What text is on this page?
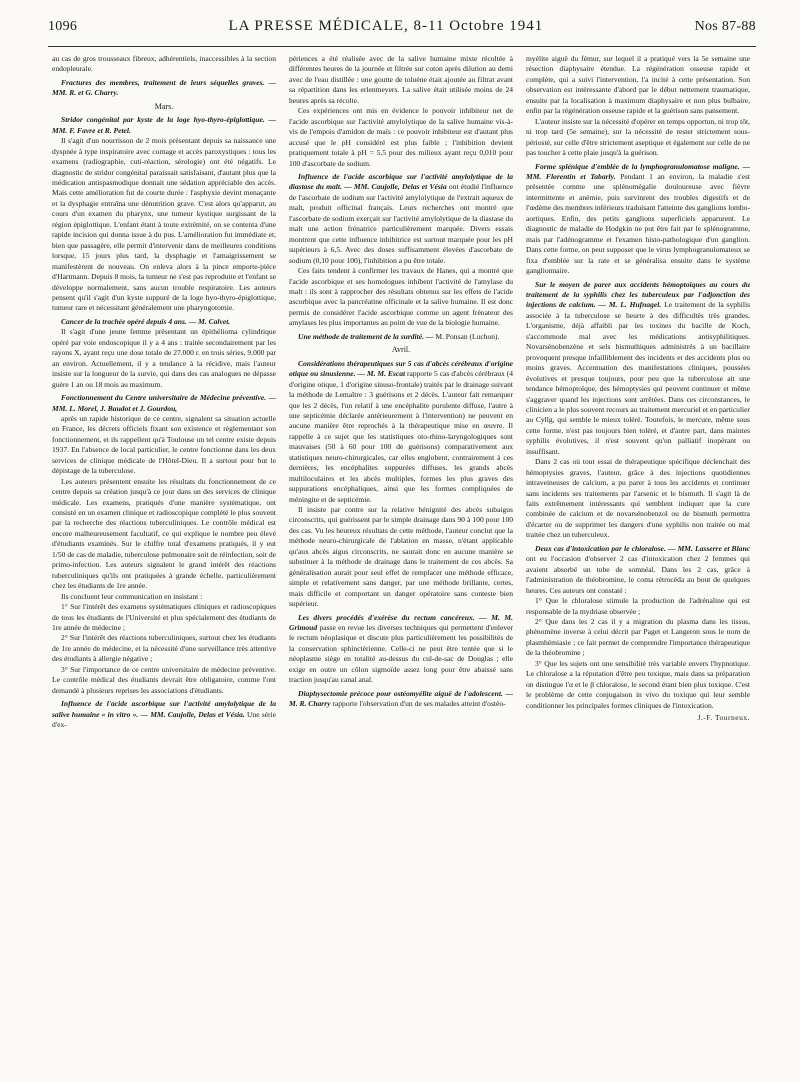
1096	LA PRESSE MÉDICALE, 8-11 Octobre 1941	Nos 87-88

au cas de gros trousseaux fibreux, adhérentiels, inaccessibles à la section endopleurale.

Fractures des membres, traitement de leurs séquelles graves. — MM. R. et G. Charry.

Mars.

Stridor congénital par kyste de la loge hyo-thyro-épiglottique. — MM. F. Favre et R. Petel.

Il s'agit d'un nourrisson de 2 mois présentant depuis sa naissance une dyspnée à type inspiratoire avec cornage et accès paroxystiques : tous les examens (radiographie, cuti-réaction, sérologie) ont été négatifs. Le diagnostic de stridor congénital paraissait satisfaisant, d'autant plus que la médication antispasmodique donnait une sédation appréciable des accès. Mais cette amélioration fut de courte durée : l'asphyxie devint menaçante et la dysphagie entraîna une dénutrition grave. C'est alors qu'apparut, au cours d'un examen du pharynx, une tumeur kystique surgissant de la région épiglottique. L'enfant étant à toute extrémité, on se contenta d'une rapide incision qui donna issue à du pus. L'amélioration fut immédiate et, bien que passagère, elle permit d'intervenir dans de meilleures conditions lorsque, 15 jours plus tard, la dysphagie et l'amaigrissement se manifestèrent de nouveau. On enleva alors à la pince emporte-pièce d'Hartmann. Depuis 8 mois, la tumeur ne s'est pas reproduite et l'enfant se développe normalement, sans aucun trouble respiratoire. Les auteurs pensent qu'il s'agit d'un kyste suppuré de la loge hyo-thyro-épiglottique, tumeur rare et nécessitant généralement une pharyngotomie.

Cancer de la trachée opéré depuis 4 ans. — M. Calvet.

Il s'agit d'une jeune femme présentant un épithélioma cylindrique opéré par voie endoscopique il y a 4 ans : traitée secondairement par les rayons X, ayant reçu une dose totale de 27.000 r. en trois séries, 9.000 par an environ. Actuellement, il y a tendance à la récidive, mais l'auteur insiste sur la longueur de la survie, qui dans des cas analogues ne dépasse guère 1 an ou 18 mois au maximum.

Fonctionnement du Centre universitaire de Médecine préventive. — MM. L. Morel, J. Baudot et J. Gourdou,

après un rapide historique de ce centre, signalent sa situation actuelle en France, les décrets officiels fixant son existence et réglementant son fonctionnement, et ils rappellent qu'à Toulouse un tel centre existe depuis 1937. En l'absence de local particulier, le centre fonctionne dans les deux services de clinique médicale de l'Hôtel-Dieu. Il a surtout pour but le dépistage de la tuberculose.

Les auteurs présentent ensuite les résultats du fonctionnement de ce centre depuis sa création jusqu'à ce jour dans un des services de clinique médicale. Les examens, pratiqués d'une manière systématique, ont consisté en un examen clinique et radioscopique complété le plus souvent par la recherche des réactions tuberculiniques. Le contrôle médical est encore malheureusement facultatif, ce qui explique le nombre peu élevé d'étudiants examinés. Sur le chiffre total d'examens pratiqués, il y eut 1/50 de cas de maladie, tuberculose pulmonaire soit de réinfection, soit de primo-infection. Les auteurs signalent le grand intérêt des réactions tuberculiniques qu'ils ont pratiquées à grande échelle, particulièrement chez les étudiants de 1re année.

Ils concluent leur communication en insistant :

1° Sur l'intérêt des examens systématiques cliniques et radioscopiques de tous les étudiants de l'Université et plus spécialement des étudiants de 1re année de médecine ;

2° Sur l'intérêt des réactions tuberculiniques, surtout chez les étudiants de 1re année de médecine, et la nécessité d'une surveillance très attentive des étudiants à allergie négative ;

3° Sur l'importance de ce centre universitaire de médecine préventive. Le contrôle médical des étudiants devrait être obligatoire, comme l'ont demandé à plusieurs reprises les associations d'étudiants.

Influence de l'acide ascorbique sur l'activité amylolytique de la salive humaine « in vitro ». — MM. Caujolle, Delas et Vésia. Une série d'ex-

périences a été réalisée avec de la salive humaine mixte récoltée à différentes heures de la journée et filtrée sur coton après dilution au demi avec de l'eau distillée : une goutte de toluène était ajoutée au filtrat avant sa répartition dans les erlenmeyers. La salive était utilisée moins de 24 heures après sa récolte.

Ces expériences ont mis en évidence le pouvoir inhibiteur net de l'acide ascorbique sur l'activité amylolytique de la salive humaine vis-à-vis de l'empois d'amidon de maïs : ce pouvoir inhibiteur est d'autant plus accusé que le pH considéré est plus faible ; l'inhibition devient pratiquement totale à pH = 5,5 pour des milieux ayant reçu 0,010 pour 100 d'ascorbate de sodium.

Influence de l'acide ascorbique sur l'activité amylolytique de la diastase du malt. — MM. Caujolle, Delas et Vésia ont étudié l'influence de l'ascorbate de sodium sur l'activité amylolytique de l'extrait aqueux de malt, produit officinal français. Leurs recherches ont montré que l'ascorbate de sodium exerçait sur l'activité amylolytique de la diastase du malt une action frénatrice particulièrement marquée. Divers essais montrent que cette influence inhibitrice est surtout marquée pour les pH supérieurs à 6,5. Avec des doses suffisamment élevées d'ascorbate de sodium (0,10 pour 100), l'inhibition a pu être totale.

Ces faits tendent à confirmer les travaux de Hanes, qui a montré que l'acide ascorbique et ses homologues inhibent l'activité de l'amylase du malt : ils sont à rapprocher des résultats obtenus sur les effets de l'acide ascorbique avec la pancréatine officinale et la salive humaine. Il est donc permis de considérer l'acide ascorbique comme un agent frénateur des amylases les plus importantes au point de vue de la biologie humaine.

Une méthode de traitement de la surdité. — M. Ponsan (Luchon).

Avril.

Considérations thérapeutiques sur 5 cas d'abcès cérébraux d'origine otique ou sinusienne. — M. M. Escat rapporte 5 cas d'abcès cérébraux (4 d'origine otique, 1 d'origine sinuso-frontale) traités par le drainage suivant la méthode de Lemaître : 3 guérisons et 2 décès. L'auteur fait remarquer que les 2 décès, l'un relatif à une encéphalite purulente diffuse, l'autre à une septicémie déclarée antérieurement à l'intervention) ne peuvent en aucune manière être reprochés à la thérapeutique mise en œuvre. Il rappelle à ce sujet que les statistiques oto-rhino-laryngologiques sont mauvaises (50 à 60 pour 100 de guérisons) comparativement aux statistiques neuro-chirurgicales, car elles englobent, contrairement à ces dernières, les encéphalites suppurées diffuses, les grands abcès multiloculaires et les abcès multiples, formes les plus graves des suppurations encéphaliques, ainsi que les formes compliquées de méningite et de septicémie.

Il insiste par contre sur la relative bénignité des abcès subaigus circonscrits, qui guérissent par le simple drainage dans 90 à 100 pour 100 des cas. Vu les heureux résultats de cette méthode, l'auteur conclut que la méthode neuro-chirurgicale de l'ablation en masse, n'étant applicable qu'aux abcès aigus circonscrits, ne saurait donc en aucune manière se substituer à la méthode de drainage dans le traitement de ces abcès. Sa généralisation aurait pour seul effet de remplacer une méthode efficace, simple et relativement sans danger, par une méthode brillante, certes, mais difficile et comportant un danger opératoire sans conteste bien supérieur.

Les divers procédés d'exérèse du rectum cancéreux. — M. M. Grimoud passe en revue les diverses techniques qui permettent d'enlever le rectum néoplasique et discute plus particulièrement les possibilités de la conservation sphinctérienne. Celle-ci ne peut être tentée que si le néoplasme siège en totalité au-dessus du cul-de-sac de Douglas ; elle exige en outre un côlon sigmoïde assez long pour être abaissé sans traction jusqu'au canal anal.

Diaphysectomie précoce pour ostéomyélite aiguë de l'adolescent. — M. R. Charry rapporte l'observation d'un de ses malades atteint d'ostéo-

myélite aiguë du fémur, sur lequel il a pratiqué vers la 5e semaine une résection diaphysaire étendue. La régénération osseuse rapide et complète, qui a suivi l'intervention, l'a incité à cette présentation. Son observation est intéressante d'abord par le début nettement traumatique, ensuite par la localisation à maximum diaphysaire et non plus bulbaire, enfin par la régénération osseuse rapide et la guérison sans pansement.

L'auteur insiste sur la nécessité d'opérer en temps opportun, ni trop tôt, ni trop tard (5e semaine), sur la nécessité de rester strictement sous-périosté, sur celle d'être strictement aseptique et également sur celle de ne pas toucher à cette plaie jusqu'à la guérison.

Forme splénique d'emblée de la lymphogranulomatose maligne. — MM. Florentin et Tabarly. Pendant 1 an environ, la maladie s'est présentée comme une splénomégalie douloureuse avec fièvre intermittente et anémie, puis survinrent des troubles digestifs et de l'œdème des membres inférieurs traduisant l'atteinte des ganglions lombo-aortiques. Enfin, des petits ganglions superficiels apparurent. Le diagnostic de maladie de Hodgkin ne put être fait par le splénogramme, mais par l'adénogramme et l'examen histo-pathologique d'un ganglion. Dans cette forme, on peut supposer que le virus lymphogranulomateux se fixa d'emblée sur la rate et se généralisa ensuite dans le système ganglionnaire.

Sur le moyen de parer aux accidents hémoptoïques au cours du traitement de la syphilis chez les tuberculeux par l'adjonction des injections de calcium. — M. L. Hufnagel. Le traitement de la syphilis associée à la tuberculose se heurte à des difficultés très grandes. L'organisme, déjà affaibli par les toxines du bacille de Koch, s'accommode mal avec les médications antisyphilitiques. Novarsénobenzène et sels bismuthiques administrés à un bacillaire provoquent presque infailliblement des incidents et des accidents plus ou moins graves. Accentuation des manifestations cliniques, poussées évolutives et presque toujours, pour peu que la tuberculose ait une tendance hémoptoïque, des hémoptysies qui peuvent continuer et même s'aggraver quand les injections sont arrêtées. Dans ces circonstances, le clinicien a le plus souvent recours au traitement mercuriel et en particulier au Cyllg, qui semble le mieux toléré. Toutefois, le mercure, même sous cette forme, n'est pas toujours bien toléré, et d'autre part, dans maintes syphilis évolutives, il n'est souvent qu'un palliatif inopérant ou insuffisant.

Dans 2 cas où tout essai de thérapeutique spécifique déclenchait des hémoptysies graves, l'auteur, grâce à des injections quotidiennes intraveineuses de calcium, a pu parer à tous les accidents et continuer sans incidents ses traitements par l'arsenic et le bismuth. Il s'agit là de faits extrêmement intéressants qui semblent indiquer que la cure combinée de calcium et de novarsénobenzol ou de bismuth permettra d'écarter ou de supprimer les dangers d'une syphilis non traitée ou mal traitée chez un tuberculeux.

Deux cas d'intoxication par le chloralose. — MM. Lasserre et Blanc ont eu l'occasion d'observer 2 cas d'intoxication chez 2 femmes qui avaient absorbé un tube de somnéal. Dans les 2 cas, grâce à l'administration de théobromine, le coma rétrocéda au bout de quelques heures. Ces auteurs ont constaté :

1° Que le chloralose stimule la production de l'adrénaline qui est responsable de la mydriase observée ;

2° Que dans les 2 cas il y a migration du plasma dans les tissus, phénomène inverse à celui décrit par Paget et Langeron sous le nom de plasmhémiasie ; ce fait permet de comprendre l'importance thérapeutique de la théobromine ;

3° Que les sujets ont une sensibilité très variable envers l'hypnotique. Le chloralose a la réputation d'être peu toxique, mais dans sa préparation on distingue l'α et le β chloralose, le second étant bien plus toxique. C'est le problème de cette conjugaison in vivo du toxique qui leur semble conditionner les principales formes cliniques de l'intoxication.

J.-F. Tourneux.
